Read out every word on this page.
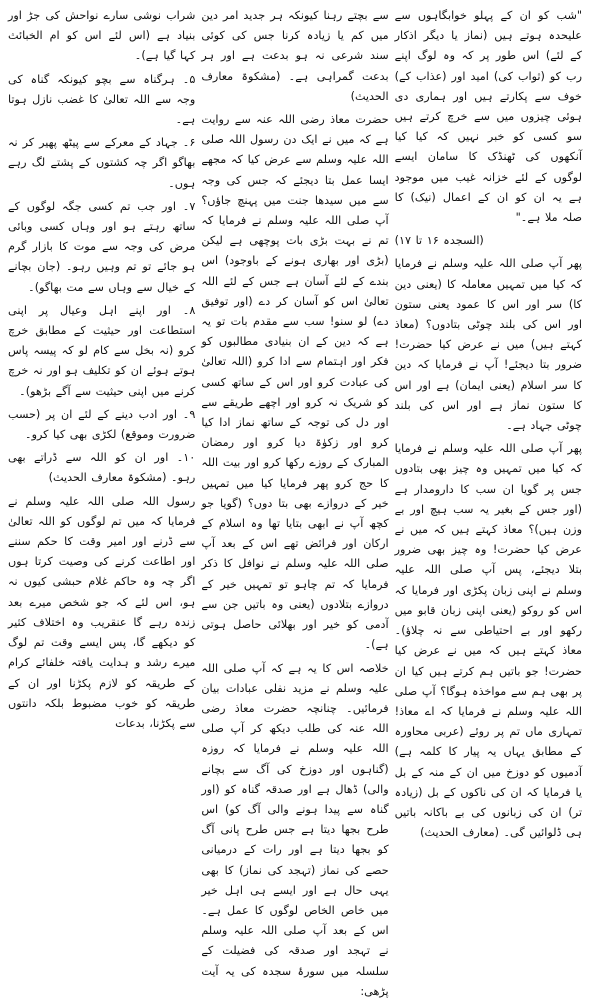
شراب نوشی سارے نواحش کی جڑ اور بنیاد ہے (اس لئے اس کو ام الخبائث کہا گیا ہے)۔

۵۔ ہرگناہ سے بچو کیونکہ گناہ کی وجہ سے اللہ تعالیٰ کا غضب نازل ہوتا ہے۔

۶۔ جہاد کے معرکے سے پیٹھ پھیر کر نہ بھاگو اگر چہ کشتوں کے پشتے لگ رہے ہوں۔

۷۔ اور جب تم کسی جگہ لوگوں کے ساتھ رہتے ہو اور وہاں کسی وبائی مرض کی وجہ سے موت کا بازار گرم ہو جائے تو تم وہیں رہو۔ (جان بچانے کے خیال سے وہاں سے مت بھاگو)۔

۸۔ اور اپنے اہل وعیال پر اپنی استطاعت اور حیثیت کے مطابق خرچ کرو (نہ بخل سے کام لو کہ پیسہ پاس ہوتے ہوئے ان کو تکلیف ہو اور نہ خرچ کرنے میں اپنی حیثیت سے آگے بڑھو)۔

۹۔ اور ادب دینے کے لئے ان پر (حسب ضرورت وموقع) لکڑی بھی کیا کرو۔

۱۰۔ اور ان کو اللہ سے ڈراتے بھی رہو۔ (مشکوۃ معارف الحدیث)

رسول اللہ صلی اللہ علیہ وسلم نے فرمایا کہ میں تم لوگوں کو اللہ تعالیٰ سے ڈرنے اور امیر وقت کا حکم سننے اور اطاعت کرنے کی وصیت کرتا ہوں اگر چہ وہ حاکم غلام حبشی کیوں نہ ہو، اس لئے کہ جو شخص میرے بعد زندہ رہے گا عنقریب وہ اختلاف کثیر کو دیکھے گا، پس ایسے وقت تم لوگ میرے رشد و ہدایت یافتہ خلفائے کرام کے طریقہ کو لازم پکڑنا اور ان کے طریقہ کو خوب مضبوط بلکہ دانتوں سے پکڑنا، بدعات

سے بچتے رہنا کیونکہ ہر جدید امر دین میں کم یا زیادہ کرنا جس کی کوئی سند شرعی نہ ہو بدعت ہے اور ہر بدعت گمراہی ہے۔ (مشکوۃ معارف الحدیث)

حضرت معاذ رضی اللہ عنہ سے روایت ہے کہ میں نے ایک دن رسول اللہ صلی اللہ علیہ وسلم سے عرض کیا کہ مجھے ایسا عمل بتا دیجئے کہ جس کی وجہ سے میں سیدھا جنت میں پہنچ جاؤں؟ آپ صلی اللہ علیہ وسلم نے فرمایا کہ تم نے بہت بڑی بات پوچھی ہے لیکن (بڑی اور بھاری ہونے کے باوجود) اس بندے کے لئے آسان ہے جس کے لئے اللہ تعالیٰ اس کو آسان کر دے (اور توفیق دے) لو سنو! سب سے مقدم بات تو یہ ہے کہ دین کے ان بنیادی مطالبوں کو فکر اور اہتمام سے ادا کرو (اللہ تعالیٰ کی عبادت کرو اور اس کے ساتھ کسی کو شریک نہ کرو اور اچھے طریقے سے اور دل کی توجہ کے ساتھ نماز ادا کیا کرو اور زکوٰۃ دیا کرو اور رمضان المبارک کے روزے رکھا کرو اور بیت اللہ کا حج کرو پھر فرمایا کیا میں تمہیں خیر کے دروازے بھی بتا دوں؟ (گویا جو کچھ آپ نے ابھی بتایا تھا وہ اسلام کے ارکان اور فرائض تھے اس کے بعد آپ صلی اللہ علیہ وسلم نے نوافل کا ذکر فرمایا کہ تم چاہو تو تمہیں خیر کے دروازے بتلادوں (یعنی وہ باتیں جن سے آدمی کو خیر اور بھلائی حاصل ہوتی ہے)۔

خلاصہ اس کا یہ ہے کہ آپ صلی اللہ علیہ وسلم نے مزید نفلی عبادات بیان فرمائیں۔ چنانچہ حضرت معاذ رضی اللہ عنہ کی طلب دیکھ کر آپ صلی اللہ علیہ وسلم نے فرمایا کہ روزہ (گناہوں اور دوزخ کی آگ سے بچانے والی) ڈھال ہے اور صدقہ گناہ کو (اور گناہ سے پیدا ہونے والی آگ کو) اس طرح بجھا دیتا ہے جس طرح پانی آگ کو بجھا دیتا ہے اور رات کے درمیانی حصے کی نماز (تہجد کی نماز) کا بھی یہی حال ہے اور ایسے ہی اہل خیر میں خاص الخاص لوگوں کا عمل ہے۔ اس کے بعد آپ صلی اللہ علیہ وسلم نے تہجد اور صدقہ کی فضیلت کے سلسلہ میں سورۂ سجدہ کی یہ آیت پڑھی:

"شب کو ان کے پہلو خوابگاہوں سے علیحدہ ہوتے ہیں (نماز یا دیگر اذکار کے لئے) اس طور پر کہ وہ لوگ اپنے رب کو (ثواب کی) امید اور (عذاب کے) خوف سے پکارتے ہیں اور ہماری دی ہوئی چیزوں میں سے خرچ کرتے ہیں سو کسی کو خبر نہیں کہ کیا کیا آنکھوں کی ٹھنڈک کا سامان ایسے لوگوں کے لئے خزانہ غیب میں موجود ہے یہ ان کو ان کے اعمال (نیک) کا صلہ ملا ہے۔"

(السجدہ ۱۶ تا ۱۷)

پھر آپ صلی اللہ علیہ وسلم نے فرمایا کہ کیا میں تمہیں معاملہ کا (یعنی دین کا) سر اور اس کا عمود یعنی ستون اور اس کی بلند چوٹی بتادوں؟ (معاذ کہتے ہیں) میں نے عرض کیا حضرت! ضرور بتا دیجئے! آپ نے فرمایا کہ دین کا سر اسلام (یعنی ایمان) ہے اور اس کا ستون نماز ہے اور اس کی بلند چوٹی جہاد ہے۔

پھر آپ صلی اللہ علیہ وسلم نے فرمایا کہ کیا میں تمہیں وہ چیز بھی بتادوں جس پر گویا ان سب کا دارومدار ہے (اور جس کے بغیر یہ سب ہیچ اور بے وزن ہیں)؟ معاذ کہتے ہیں کہ میں نے عرض کیا حضرت! وہ چیز بھی ضرور بتلا دیجئے، پس آپ صلی اللہ علیہ وسلم نے اپنی زبان پکڑی اور فرمایا کہ اس کو روکو (یعنی اپنی زبان قابو میں رکھو اور بے احتیاطی سے نہ چلاؤ)۔ معاذ کہتے ہیں کہ میں نے عرض کیا حضرت! جو باتیں ہم کرتے ہیں کیا ان پر بھی ہم سے مواخذہ ہوگا؟ آپ صلی اللہ علیہ وسلم نے فرمایا کہ اے معاذ! تمہاری ماں تم پر روئے (عربی محاورہ کے مطابق یہاں یہ پیار کا کلمہ ہے) آدمیوں کو دوزخ میں ان کے منہ کے بل یا فرمایا کہ ان کی ناکوں کے بل (زیادہ تر) ان کی زبانوں کی بے باکانہ باتیں ہی ڈلوائیں گی۔ (معارف الحدیث)
